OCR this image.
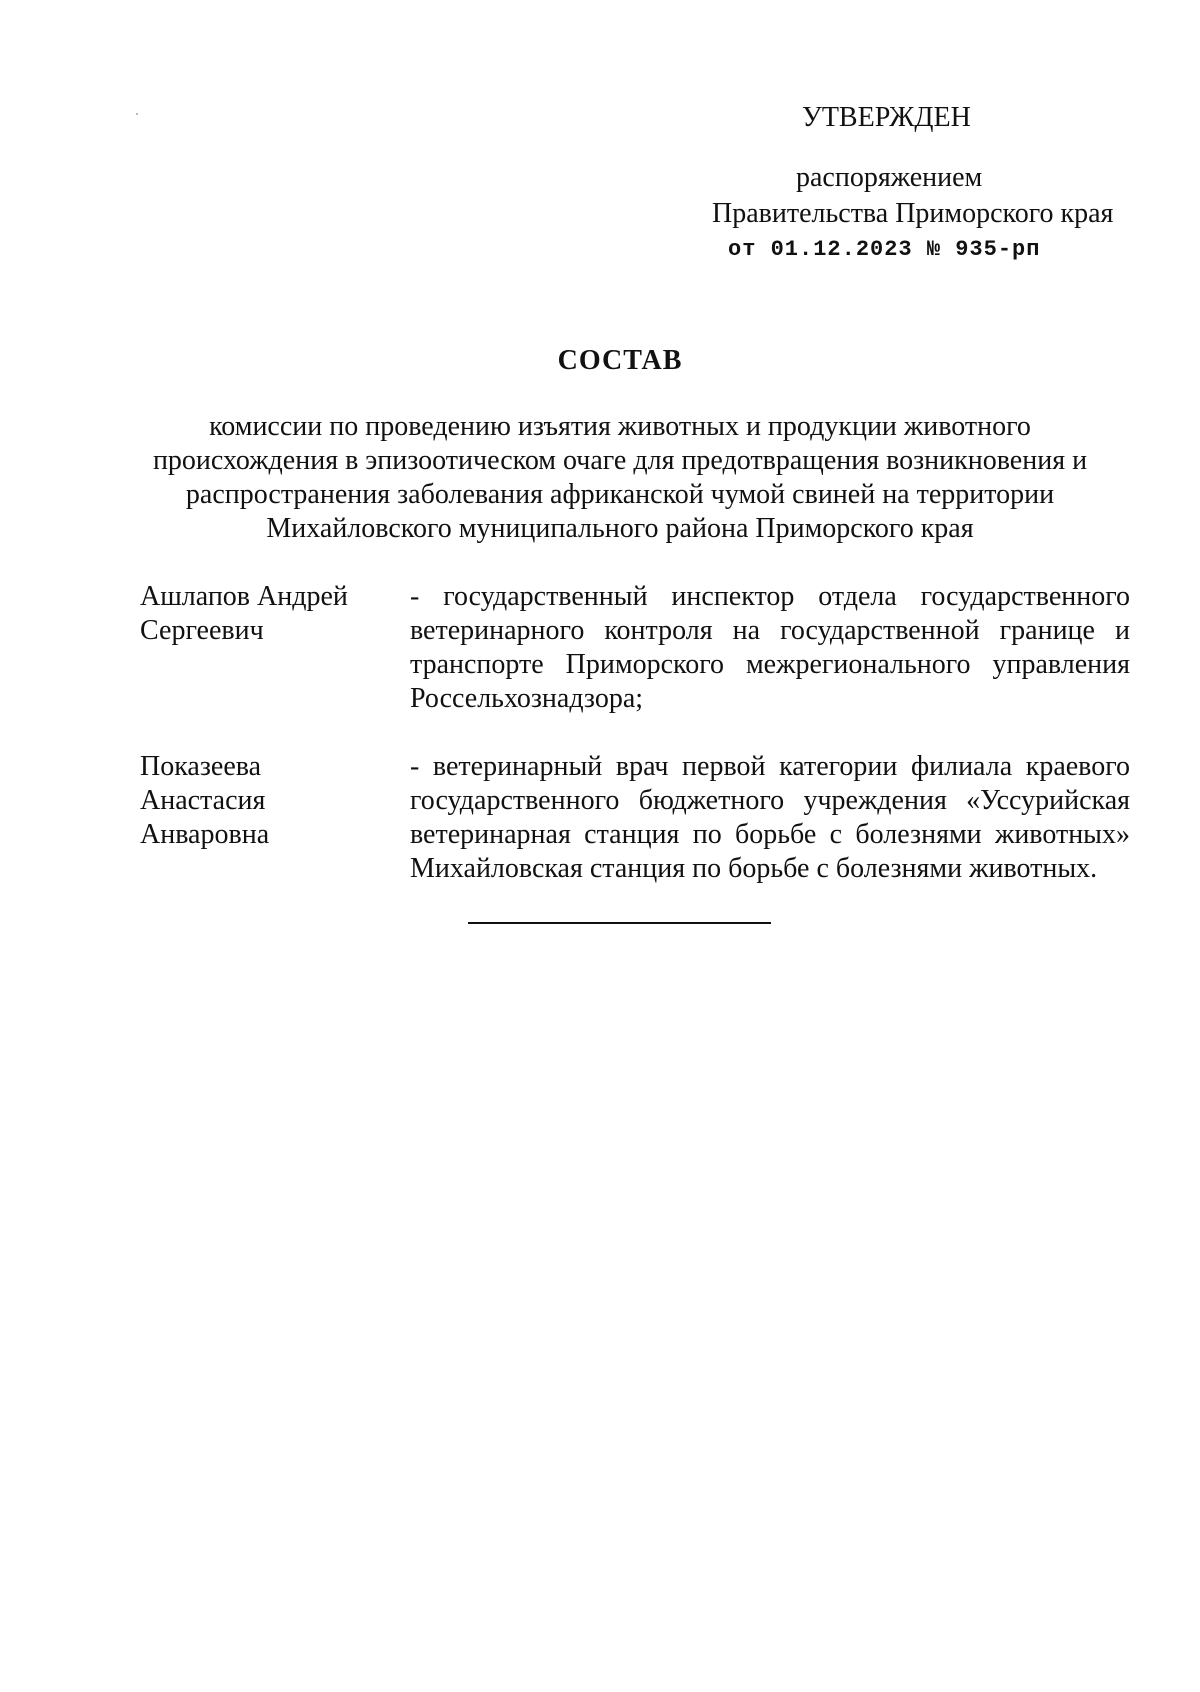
УТВЕРЖДЕН
распоряжением
Правительства Приморского края
от 01.12.2023 № 935-рп
СОСТАВ
комиссии по проведению изъятия животных и продукции животного
происхождения в эпизоотическом очаге для предотвращения возникновения и
распространения заболевания африканской чумой свиней на территории
Михайловского муниципального района Приморского края
Ашлапов Андрей
Сергеевич
- государственный инспектор отдела государственного ветеринарного контроля на государственной границе и транспорте Приморского межрегионального управления Россельхознадзора;
Показеева
Анастасия
Анваровна
- ветеринарный врач первой категории филиала краевого государственного бюджетного учреждения «Уссурийская ветеринарная станция по борьбе с болезнями животных» Михайловская станция по борьбе с болезнями животных.
